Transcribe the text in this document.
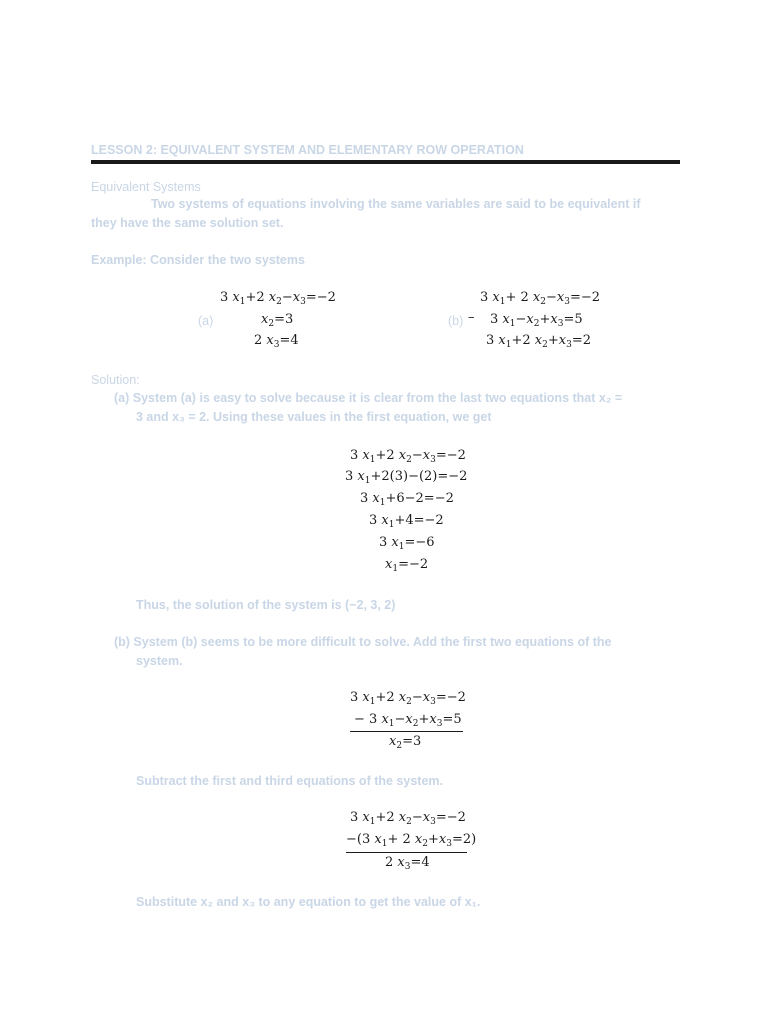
LESSON 2: EQUIVALENT SYSTEM AND ELEMENTARY ROW OPERATION
Equivalent Systems
Two systems of equations involving the same variables are said to be equivalent if
they have the same solution set.
Example: Consider the two systems
(a)
3 $x_1+2$ $x_2-x_3=-2$
$x_2=3$
2 $x_3=4$
(b) –
3 $x_1+ 2$ $x_2-x_3=-2$
3 $x_1-x_2+x_3=5$
3 $x_1+2$ $x_2+x_3=2$
Solution:
(a) System (a) is easy to solve because it is clear from the last two equations that x₂ =
3 and x₃ = 2. Using these values in the first equation, we get
3 $x_1+2$ $x_2-x_3=-2$
3 $x_1+2(3)-(2)=-2$
3 $x_1+6-2=-2$
3 $x_1+4=-2$
3 $x_1=-6$
$x_1=-2$
Thus, the solution of the system is (−2, 3, 2)
(b) System (b) seems to be more difficult to solve. Add the first two equations of the
system.
3 $x_1+2$ $x_2-x_3=-2$
− 3 $x_1-x_2+x_3=5$
$x_2=3$
Subtract the first and third equations of the system.
3 $x_1+2$ $x_2-x_3=-2$
−(3 $x_1+ 2$ $x_2+x_3=2$)
2 $x_3=4$
Substitute x₂ and x₃ to any equation to get the value of x₁.
